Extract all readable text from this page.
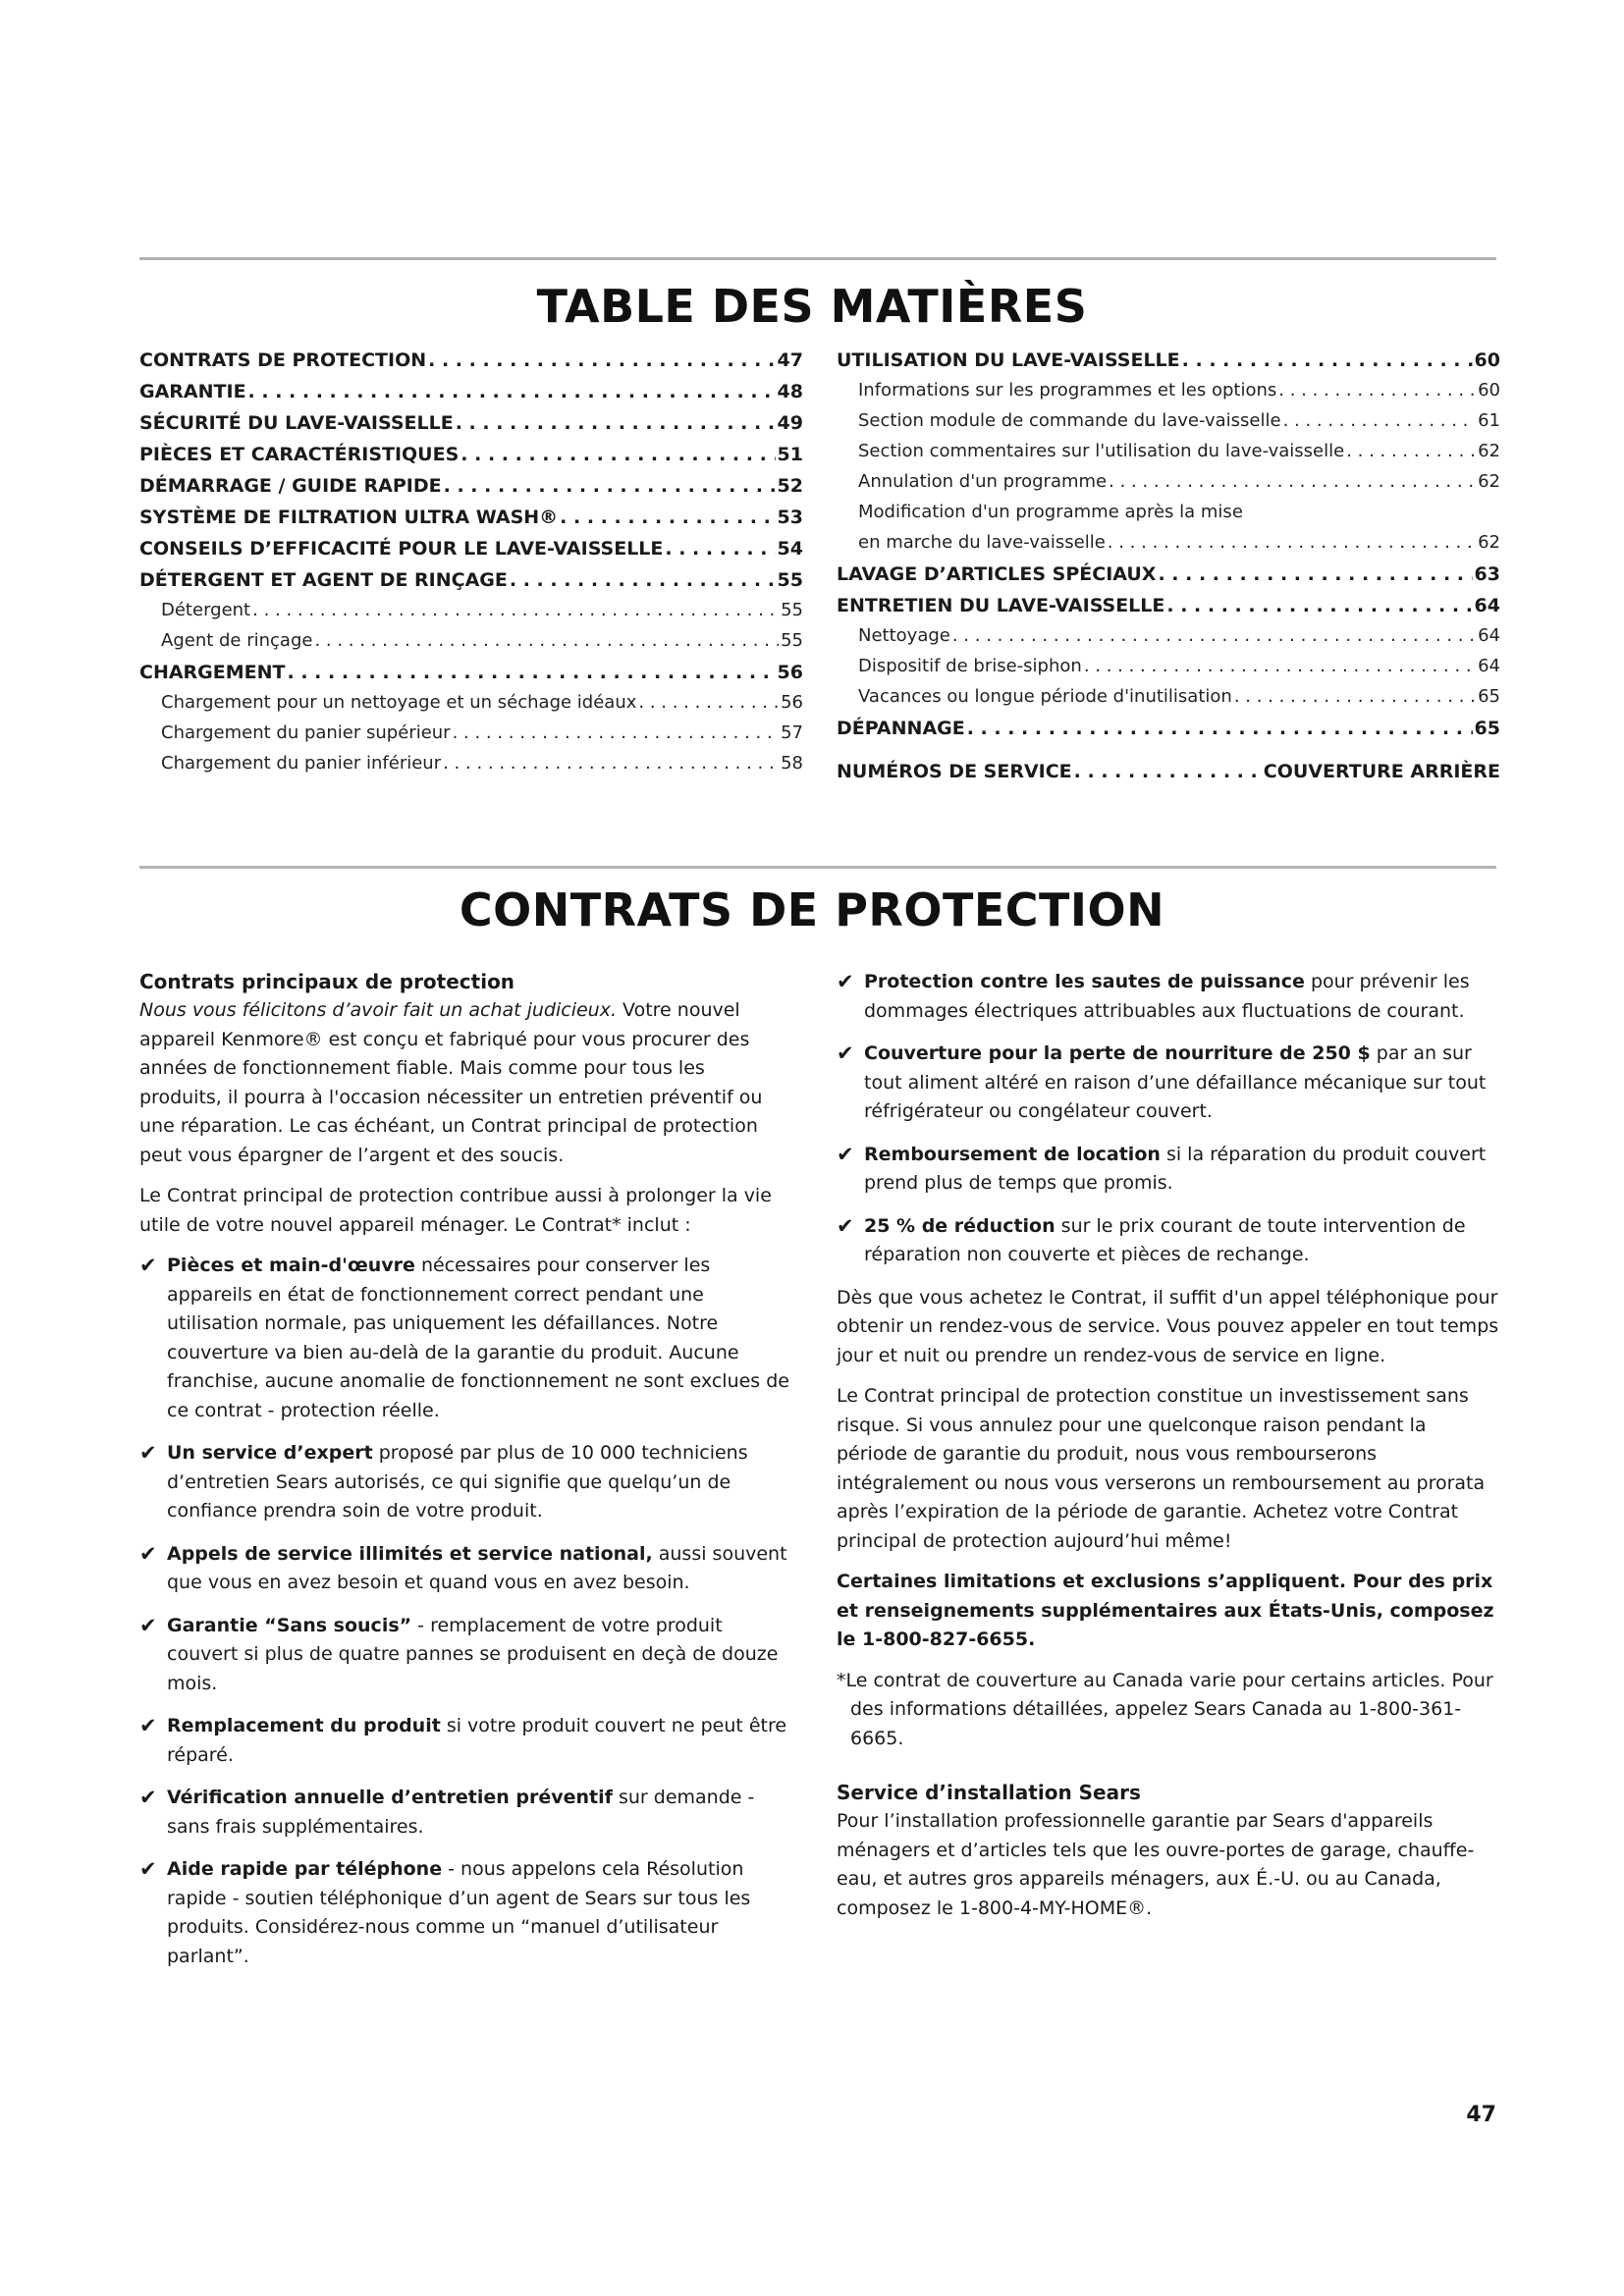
TABLE DES MATIÈRES
CONTRATS DE PROTECTION . . .	47
GARANTIE . . .	48
SÉCURITÉ DU LAVE-VAISSELLE . . .	49
PIÈCES ET CARACTÉRISTIQUES . . .	51
DÉMARRAGE / GUIDE RAPIDE . . .	52
SYSTÈME DE FILTRATION ULTRA WASH® . . .	53
CONSEILS D’EFFICACITÉ POUR LE LAVE-VAISSELLE . . .	54
DÉTERGENT ET AGENT DE RINÇAGE . . .	55
Détergent . . .	55
Agent de rinçage . . .	55
CHARGEMENT . . .	56
Chargement pour un nettoyage et un séchage idéaux . . .	56
Chargement du panier supérieur . . .	57
Chargement du panier inférieur . . .	58
UTILISATION DU LAVE-VAISSELLE . . .	60
Informations sur les programmes et les options . . .	60
Section module de commande du lave-vaisselle . . .	61
Section commentaires sur l'utilisation du lave-vaisselle . . .	62
Annulation d'un programme . . .	62
Modification d'un programme après la mise
en marche du lave-vaisselle . . .	62
LAVAGE D’ARTICLES SPÉCIAUX . . .	63
ENTRETIEN DU LAVE-VAISSELLE . . .	64
Nettoyage . . .	64
Dispositif de brise-siphon . . .	64
Vacances ou longue période d'inutilisation . . .	65
DÉPANNAGE . . .	65
NUMÉROS DE SERVICE . . .	COUVERTURE ARRIÈRE
CONTRATS DE PROTECTION
Contrats principaux de protection

Nous vous félicitons d’avoir fait un achat judicieux. Votre nouvel appareil Kenmore® est conçu et fabriqué pour vous procurer des années de fonctionnement fiable. Mais comme pour tous les produits, il pourra à l'occasion nécessiter un entretien préventif ou une réparation. Le cas échéant, un Contrat principal de protection peut vous épargner de l’argent et des soucis.

Le Contrat principal de protection contribue aussi à prolonger la vie utile de votre nouvel appareil ménager. Le Contrat* inclut :

✔ Pièces et main-d'œuvre nécessaires pour conserver les appareils en état de fonctionnement correct pendant une utilisation normale, pas uniquement les défaillances. Notre couverture va bien au-delà de la garantie du produit. Aucune franchise, aucune anomalie de fonctionnement ne sont exclues de ce contrat - protection réelle.
✔ Un service d’expert proposé par plus de 10 000 techniciens d’entretien Sears autorisés, ce qui signifie que quelqu’un de confiance prendra soin de votre produit.
✔ Appels de service illimités et service national, aussi souvent que vous en avez besoin et quand vous en avez besoin.
✔ Garantie “Sans soucis” - remplacement de votre produit couvert si plus de quatre pannes se produisent en deçà de douze mois.
✔ Remplacement du produit si votre produit couvert ne peut être réparé.
✔ Vérification annuelle d’entretien préventif sur demande - sans frais supplémentaires.
✔ Aide rapide par téléphone - nous appelons cela Résolution rapide - soutien téléphonique d’un agent de Sears sur tous les produits. Considérez-nous comme un “manuel d’utilisateur parlant”.
✔ Protection contre les sautes de puissance pour prévenir les dommages électriques attribuables aux fluctuations de courant.
✔ Couverture pour la perte de nourriture de 250 $ par an sur tout aliment altéré en raison d’une défaillance mécanique sur tout réfrigérateur ou congélateur couvert.
✔ Remboursement de location si la réparation du produit couvert prend plus de temps que promis.
✔ 25 % de réduction sur le prix courant de toute intervention de réparation non couverte et pièces de rechange.

Dès que vous achetez le Contrat, il suffit d'un appel téléphonique pour obtenir un rendez-vous de service. Vous pouvez appeler en tout temps jour et nuit ou prendre un rendez-vous de service en ligne.

Le Contrat principal de protection constitue un investissement sans risque. Si vous annulez pour une quelconque raison pendant la période de garantie du produit, nous vous rembourserons intégralement ou nous vous verserons un remboursement au prorata après l’expiration de la période de garantie. Achetez votre Contrat principal de protection aujourd’hui même!

Certaines limitations et exclusions s’appliquent. Pour des prix et renseignements supplémentaires aux États-Unis, composez le 1-800-827-6655.

*Le contrat de couverture au Canada varie pour certains articles. Pour des informations détaillées, appelez Sears Canada au 1-800-361-6665.

Service d’installation Sears

Pour l’installation professionnelle garantie par Sears d'appareils ménagers et d’articles tels que les ouvre-portes de garage, chauffe-eau, et autres gros appareils ménagers, aux É.-U. ou au Canada, composez le 1-800-4-MY-HOME®.

47
